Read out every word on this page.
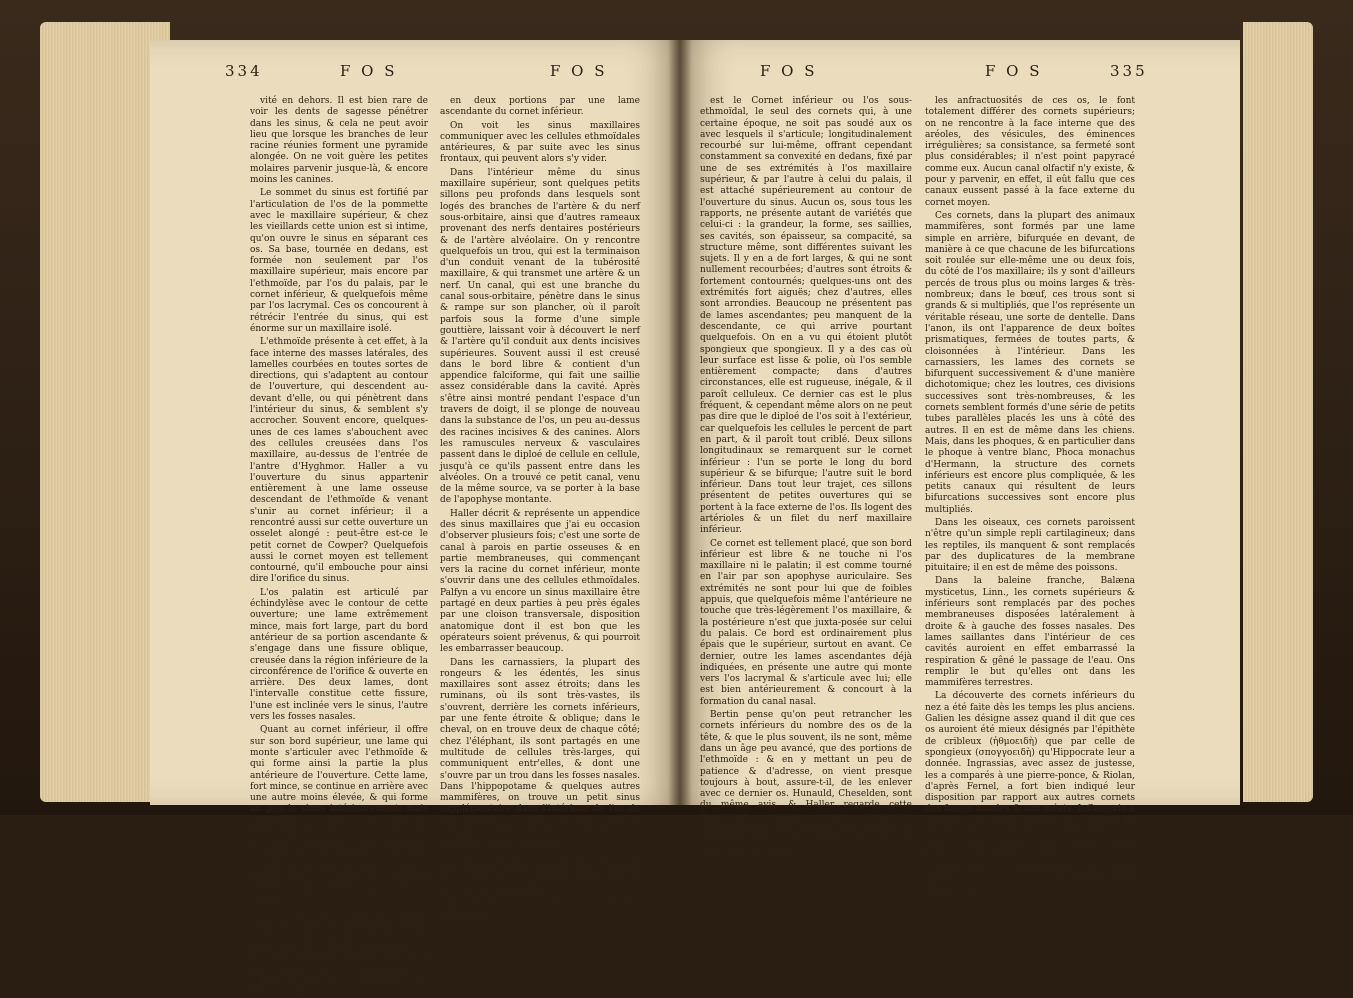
334	F O S	F O S

vité en dehors. Il est bien rare de voir les dents de sagesse pénétrer dans les sinus, & cela ne peut avoir lieu que lorsque les branches de leur racine réunies forment une pyramide alongée. On ne voit guère les petites molaires parvenir jusque-là, & encore moins les canines.

Le sommet du sinus est fortifié par l'articulation de l'os de la pommette avec le maxillaire supérieur, & chez les vieillards cette union est si intime, qu'on ouvre le sinus en séparant ces os. Sa base, tournée en dedans, est formée non seulement par l'os maxillaire supérieur, mais encore par l'ethmoïde, par l'os du palais, par le cornet inférieur, & quelquefois même par l'os lacrymal. Ces os concourent à rétrécir l'entrée du sinus, qui est énorme sur un maxillaire isolé.

L'ethmoïde présente à cet effet, à la face interne des masses latérales, des lamelles courbées en toutes sortes de directions, qui s'adaptent au contour de l'ouverture, qui descendent au-devant d'elle, ou qui pénètrent dans l'intérieur du sinus, & semblent s'y accrocher. Souvent encore, quelques-unes de ces lames s'abouchent avec des cellules creusées dans l'os maxillaire, au-dessus de l'entrée de l'antre d'Hyghmor. Haller a vu l'ouverture du sinus appartenir entièrement à une lame osseuse descendant de l'ethmoïde & venant s'unir au cornet inférieur; il a rencontré aussi sur cette ouverture un osselet alongé : peut-être est-ce le petit cornet de Cowper? Quelquefois aussi le cornet moyen est tellement contourné, qu'il embouche pour ainsi dire l'orifice du sinus.

L'os palatin est articulé par échindylèse avec le contour de cette ouverture; une lame extrêmement mince, mais fort large, part du bord antérieur de sa portion ascendante & s'engage dans une fissure oblique, creusée dans la région inférieure de la circonférence de l'orifice & ouverte en arrière. Des deux lames, dont l'intervalle constitue cette fissure, l'une est inclinée vers le sinus, l'autre vers les fosses nasales.

Quant au cornet inférieur, il offre sur son bord supérieur, une lame qui monte s'articuler avec l'ethmoïde & qui forme ainsi la partie la plus antérieure de l'ouverture. Cette lame, fort mince, se continue en arrière avec une autre moins élevée, & qui forme un peu le sinus intérieurement; mais au-dessous de celle-ci, en dehors du bord supérieur de l'os, on voit une troisième apophyse, que quelques anatomistes ont nommée auriculaire, & qui, recourbée en bas, s'engage dans le sinus & s'applique à sa paroi interne, ce qui concourt puissamment à fixer.

L'ouverture de ce sinus est, comme celle du sinus du sphénoïde, élevée au-dessus du bas-fond de la cavité, tandis que les cellules ethmoïdales & les sinus frontaux s'ouvrent dans leur partie la plus déclive. Quelquefois il y a deux ou trois de ces ouvertures, ou bien cet orifice est partagé

en deux portions par une lame ascendante du cornet inférieur.

On voit les sinus maxillaires communiquer avec les cellules ethmoïdales antérieures, & par suite avec les sinus frontaux, qui peuvent alors s'y vider.

Dans l'intérieur même du sinus maxillaire supérieur, sont quelques petits sillons peu profonds dans lesquels sont logés des branches de l'artère & du nerf sous-orbitaire, ainsi que d'autres rameaux provenant des nerfs dentaires postérieurs & de l'artère alvéolaire. On y rencontre quelquefois un trou, qui est la terminaison d'un conduit venant de la tubérosité maxillaire, & qui transmet une artère & un nerf. Un canal, qui est une branche du canal sous-orbitaire, pénètre dans le sinus & rampe sur son plancher, où il paroît parfois sous la forme d'une simple gouttière, laissant voir à découvert le nerf & l'artère qu'il conduit aux dents incisives supérieures. Souvent aussi il est creusé dans le bord libre & contient d'un appendice falciforme, qui fait une saillie assez considérable dans la cavité. Après s'être ainsi montré pendant l'espace d'un travers de doigt, il se plonge de nouveau dans la substance de l'os, un peu au-dessus des racines incisives & des canines. Alors les ramuscules nerveux & vasculaires passent dans le diploé de cellule en cellule, jusqu'à ce qu'ils passent entre dans les alvéoles. On a trouvé ce petit canal, venu de la même source, va se porter à la base de l'apophyse montante.

Haller décrit & représente un appendice des sinus maxillaires que j'ai eu occasion d'observer plusieurs fois; c'est une sorte de canal à parois en partie osseuses & en partie membraneuses, qui commençant vers la racine du cornet inférieur, monte s'ouvrir dans une des cellules ethmoïdales. Palfyn a vu encore un sinus maxillaire être partagé en deux parties à peu près égales par une cloison transversale, disposition anatomique dont il est bon que les opérateurs soient prévenus, & qui pourroit les embarrasser beaucoup.

Dans les carnassiers, la plupart des rongeurs & les édentés, les sinus maxillaires sont assez étroits; dans les ruminans, où ils sont très-vastes, ils s'ouvrent, derrière les cornets inférieurs, par une fente étroite & oblique; dans le cheval, on en trouve deux de chaque côté; chez l'éléphant, ils sont partagés en une multitude de cellules très-larges, qui communiquent entr'elles, & dont une s'ouvre par un trou dans les fosses nasales. Dans l'hippopotame & quelques autres mammifères, on trouve un petit sinus supplémentaire dans l'intérieur de l'os de la pommette; ce sinus est vaste dans le cochon, où l'on n'observe point de sinus maxillaire proprement dit.

Le méat moyen se termine en arrière par une partie de la face interne de l'os palatin, qui s'unit avec l'apophyse ptérygoïde & avec le cornet inférieur.

Au-dessous de l'orifice de l'antre d'Hyghmor

F O S	F O S	335

est le Cornet inférieur ou l'os sous-ethmoïdal, le seul des cornets qui, à une certaine époque, ne soit pas soudé aux os avec lesquels il s'articule; longitudinalement recourbé sur lui-même, offrant cependant constamment sa convexité en dedans, fixé par une de ses extrémités à l'os maxillaire supérieur, & par l'autre à celui du palais, il est attaché supérieurement au contour de l'ouverture du sinus. Aucun os, sous tous les rapports, ne présente autant de variétés que celui-ci : la grandeur, la forme, ses saillies, ses cavités, son épaisseur, sa compacité, sa structure même, sont différentes suivant les sujets. Il y en a de fort larges, & qui ne sont nullement recourbées; d'autres sont étroits & fortement contournés; quelques-uns ont des extrémités fort aiguës; chez d'autres, elles sont arrondies. Beaucoup ne présentent pas de lames ascendantes; peu manquent de la descendante, ce qui arrive pourtant quelquefois. On en a vu qui étoient plutôt spongieux que spongieux. Il y a des cas où leur surface est lisse & polie, où l'os semble entièrement compacte; dans d'autres circonstances, elle est rugueuse, inégale, & il paroît celluleux. Ce dernier cas est le plus fréquent, & cependant même alors on ne peut pas dire que le diploé de l'os soit à l'extérieur, car quelquefois les cellules le percent de part en part, & il paroît tout criblé. Deux sillons longitudinaux se remarquent sur le cornet inférieur : l'un se porte le long du bord supérieur & se bifurque; l'autre suit le bord inférieur. Dans tout leur trajet, ces sillons présentent de petites ouvertures qui se portent à la face externe de l'os. Ils logent des artérioles & un filet du nerf maxillaire inférieur.

Ce cornet est tellement placé, que son bord inférieur est libre & ne touche ni l'os maxillaire ni le palatin; il est comme tourné en l'air par son apophyse auriculaire. Ses extrémités ne sont pour lui que de foibles appuis, que quelquefois même l'antérieure ne touche que très-légèrement l'os maxillaire, & la postérieure n'est que juxta-posée sur celui du palais. Ce bord est ordinairement plus épais que le supérieur, surtout en avant. Ce dernier, outre les lames ascendantes déjà indiquées, en présente une autre qui monte vers l'os lacrymal & s'articule avec lui; elle est bien antérieurement & concourt à la formation du canal nasal.

Bertin pense qu'on peut retrancher les cornets inférieurs du nombre des os de la tête, & que le plus souvent, ils ne sont, même dans un âge peu avancé, que des portions de l'ethmoïde : & en y mettant un peu de patience & d'adresse, on vient presque toujours à bout, assure-t-il, de les enlever avec ce dernier os. Hunauld, Cheselden, sont du même avis, & Haller regarde cette disposition comme assez fréquente. Aujourd'hui les anatomistes, avec raison, ne partagent point cette opinion. En effet, la structure, les sillons,

les anfractuosités de ces os, le font totalement différer des cornets supérieurs; on ne rencontre à la face interne que des aréoles, des vésicules, des éminences irrégulières; sa consistance, sa fermeté sont plus considérables; il n'est point papyracé comme eux. Aucun canal olfactif n'y existe, & pour y parvenir, en effet, il eût fallu que ces canaux eussent passé à la face externe du cornet moyen.

Ces cornets, dans la plupart des animaux mammifères, sont formés par une lame simple en arrière, bifurquée en devant, de manière à ce que chacune de les bifurcations soit roulée sur elle-même une ou deux fois, du côté de l'os maxillaire; ils y sont d'ailleurs percés de trous plus ou moins larges & très-nombreux; dans le bœuf, ces trous sont si grands & si multipliés, que l'os représente un véritable réseau, une sorte de dentelle. Dans l'anon, ils ont l'apparence de deux boîtes prismatiques, fermées de toutes parts, & cloisonnées à l'intérieur. Dans les carnassiers, les lames des cornets se bifurquent successivement & d'une manière dichotomique; chez les loutres, ces divisions successives sont très-nombreuses, & les cornets semblent formés d'une série de petits tubes parallèles placés les uns à côté des autres. Il en est de même dans les chiens. Mais, dans les phoques, & en particulier dans le phoque à ventre blanc, Phoca monachus d'Hermann, la structure des cornets inférieurs est encore plus compliquée, & les petits canaux qui résultent de leurs bifurcations successives sont encore plus multipliés.

Dans les oiseaux, ces cornets paroissent n'être qu'un simple repli cartilagineux; dans les reptiles, ils manquent & sont remplacés par des duplicatures de la membrane pituitaire; il en est de même des poissons.

Dans la baleine franche, Balæna mysticetus, Linn., les cornets supérieurs & inférieurs sont remplacés par des poches membraneuses disposées latéralement à droite & à gauche des fosses nasales. Des lames saillantes dans l'intérieur de ces cavités auroient en effet embarrassé la respiration & gêné le passage de l'eau. Ons remplir le but qu'elles ont dans les mammifères terrestres.

La découverte des cornets inférieurs du nez a été faite dès les temps les plus anciens. Galien les désigne assez quand il dit que ces os auroient été mieux désignés par l'épithète de cribleux (ἠθμοειδὴ) que par celle de spongieux (σπογγοειδὴ) qu'Hippocrate leur a donnée. Ingrassias, avec assez de justesse, les a comparés à une pierre-ponce, & Riolan, d'après Fernel, a fort bien indiqué leur disposition par rapport aux autres cornets des fosses nasales & aux méats. J. Casserio a consacré à leur description le 6e. chapitre du 3e. livre de son Traité des Sensations, en sorte qu'ils étoient bien connus avant l'époque où Schneider écrivit.

Au-dessous du cornet inférieur, est le Méat inférieur des fosses nasales, lequel n'est qu'une gout-
